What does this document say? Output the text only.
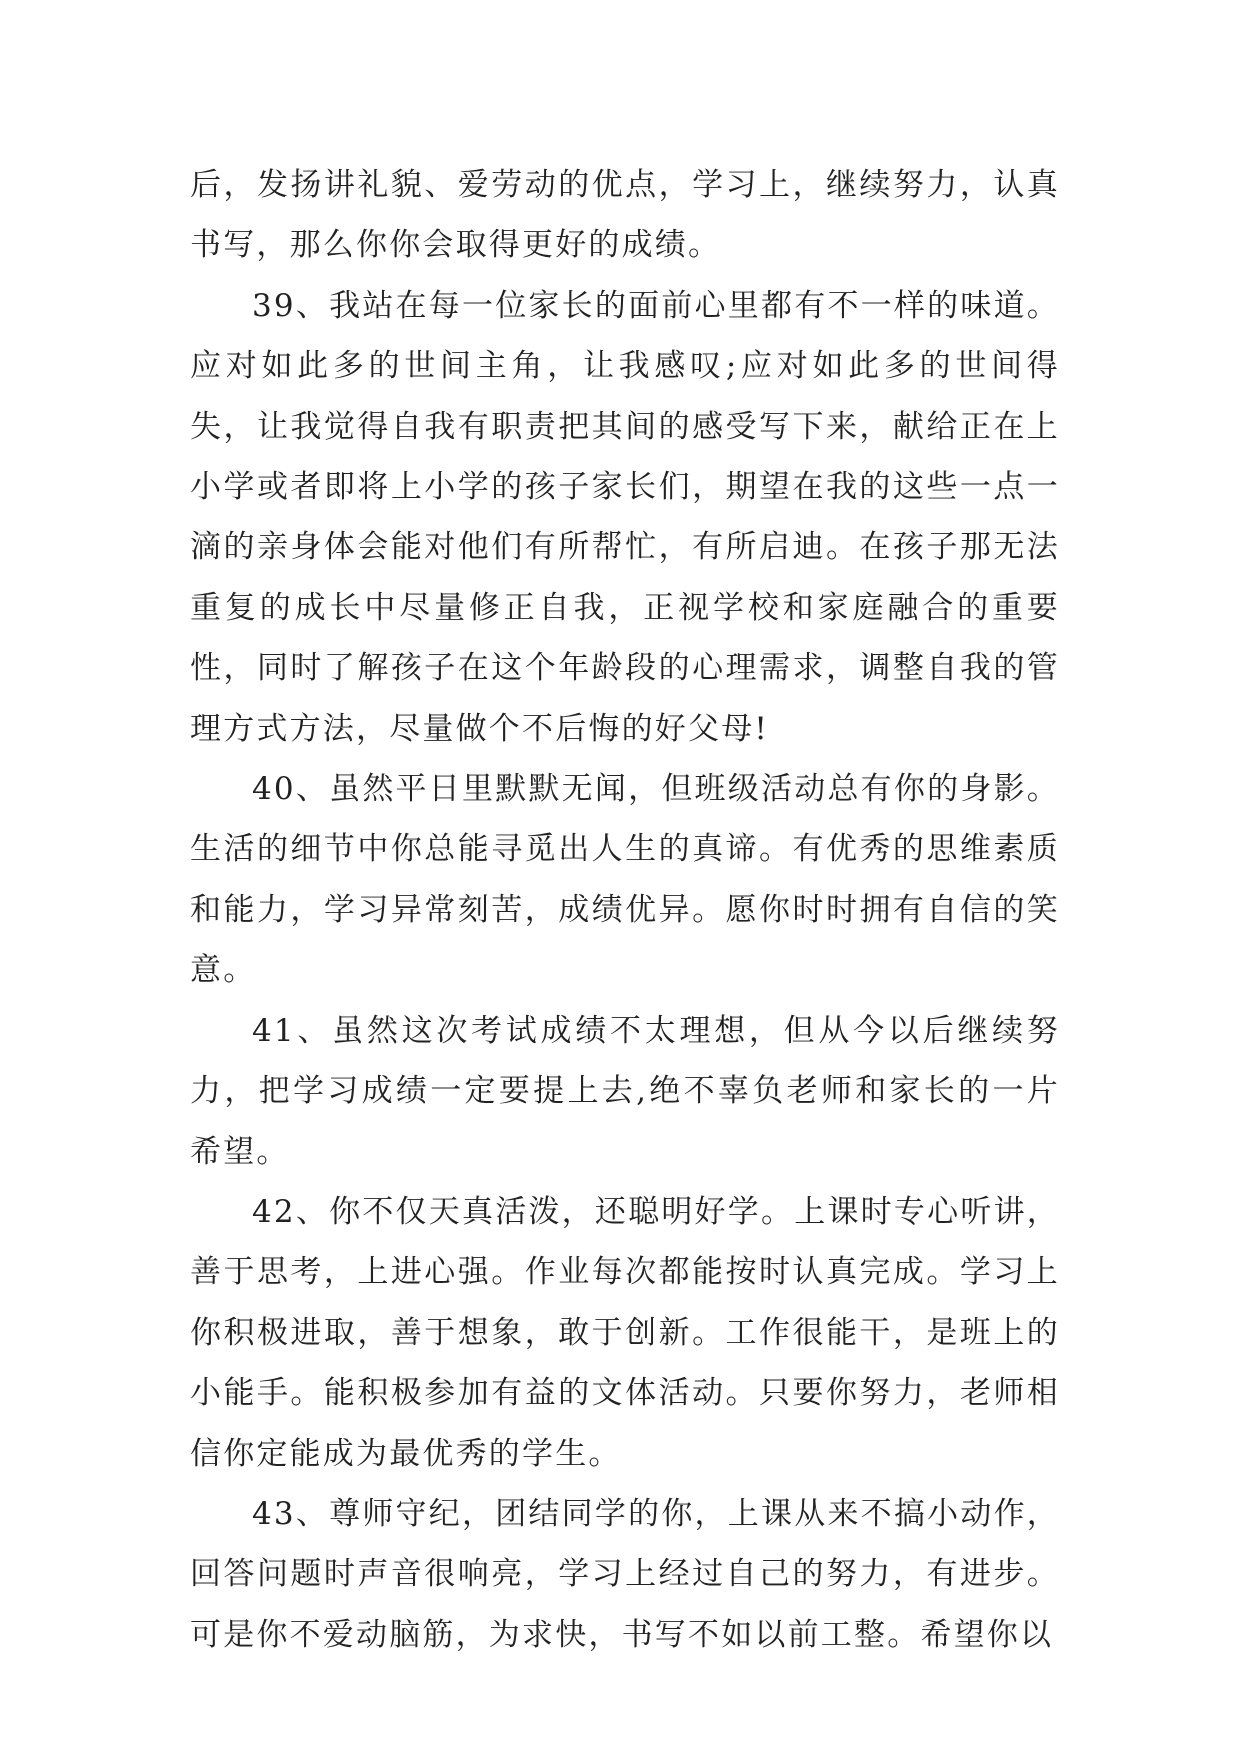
后，发扬讲礼貌、爱劳动的优点，学习上，继续努力，认真书写，那么你你会取得更好的成绩。

39、我站在每一位家长的面前心里都有不一样的味道。应对如此多的世间主角，让我感叹;应对如此多的世间得失，让我觉得自我有职责把其间的感受写下来，献给正在上小学或者即将上小学的孩子家长们，期望在我的这些一点一滴的亲身体会能对他们有所帮忙，有所启迪。在孩子那无法重复的成长中尽量修正自我，正视学校和家庭融合的重要性，同时了解孩子在这个年龄段的心理需求，调整自我的管理方式方法，尽量做个不后悔的好父母!

40、虽然平日里默默无闻，但班级活动总有你的身影。生活的细节中你总能寻觅出人生的真谛。有优秀的思维素质和能力，学习异常刻苦，成绩优异。愿你时时拥有自信的笑意。

41、虽然这次考试成绩不太理想，但从今以后继续努力，把学习成绩一定要提上去,绝不辜负老师和家长的一片希望。

42、你不仅天真活泼，还聪明好学。上课时专心听讲，善于思考，上进心强。作业每次都能按时认真完成。学习上你积极进取，善于想象，敢于创新。工作很能干，是班上的小能手。能积极参加有益的文体活动。只要你努力，老师相信你定能成为最优秀的学生。

43、尊师守纪，团结同学的你，上课从来不搞小动作，回答问题时声音很响亮，学习上经过自己的努力，有进步。可是你不爱动脑筋，为求快，书写不如以前工整。希望你以
